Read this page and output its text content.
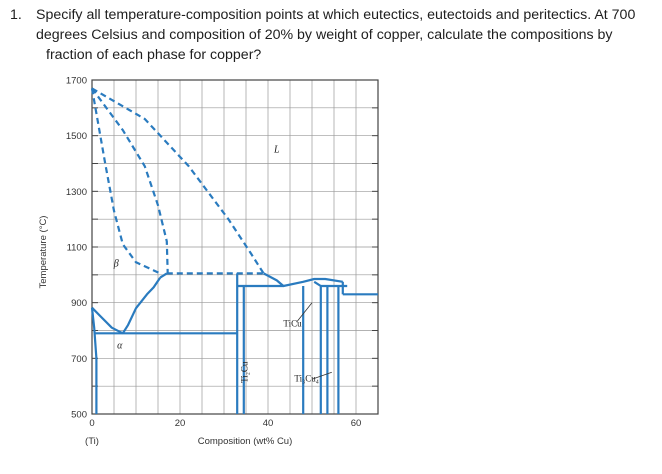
1. Specify all temperature-composition points at which eutectics, eutectoids and peritectics. At 700
degrees Celsius and composition of 20% by weight of copper, calculate the compositions by
fraction of each phase for copper?
500
700
900
1100
1300
1500
1700
0	20	40	60
(Ti)	Composition (wt% Cu)
Temperature (°C)
L
β
α
TiCu
Ti₃Cu₄
Ti₂Cu
